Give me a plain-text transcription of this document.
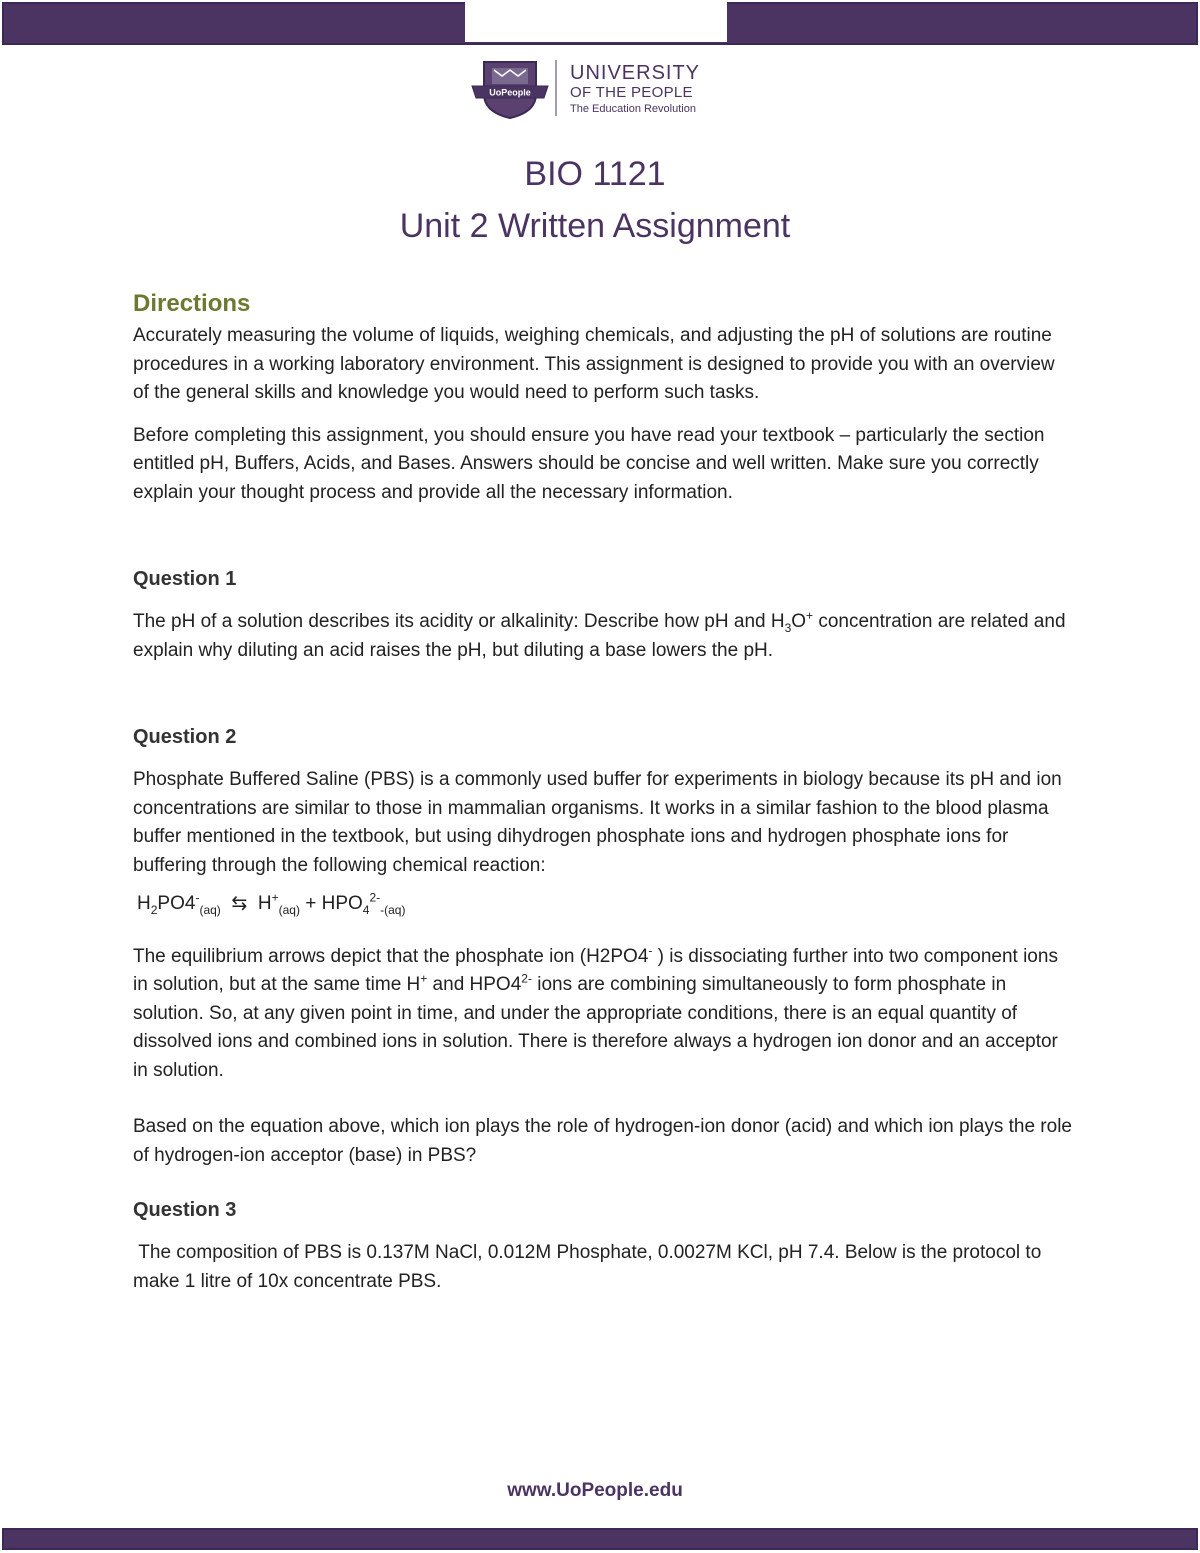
UoPeople
UNIVERSITY
OF THE PEOPLE
The Education Revolution
BIO 1121
Unit 2 Written Assignment
Directions

Accurately measuring the volume of liquids, weighing chemicals, and adjusting the pH of solutions are routine procedures in a working laboratory environment. This assignment is designed to provide you with an overview of the general skills and knowledge you would need to perform such tasks.

Before completing this assignment, you should ensure you have read your textbook – particularly the section entitled pH, Buffers, Acids, and Bases. Answers should be concise and well written. Make sure you correctly explain your thought process and provide all the necessary information.

Question 1

The pH of a solution describes its acidity or alkalinity: Describe how pH and $H_3O^+$ concentration are related and explain why diluting an acid raises the pH, but diluting a base lowers the pH.

Question 2

Phosphate Buffered Saline (PBS) is a commonly used buffer for experiments in biology because its pH and ion concentrations are similar to those in mammalian organisms. It works in a similar fashion to the blood plasma buffer mentioned in the textbook, but using dihydrogen phosphate ions and hydrogen phosphate ions for buffering through the following chemical reaction:

$H_2PO4^-_{(aq)}$ ⇆ $H^+_{(aq)} + HPO_4^{2-}_{-(aq)}$

The equilibrium arrows depict that the phosphate ion (H2PO4- ) is dissociating further into two component ions in solution, but at the same time H+ and $HPO4^{2-}$ ions are combining simultaneously to form phosphate in solution. So, at any given point in time, and under the appropriate conditions, there is an equal quantity of dissolved ions and combined ions in solution. There is therefore always a hydrogen ion donor and an acceptor in solution.

Based on the equation above, which ion plays the role of hydrogen-ion donor (acid) and which ion plays the role of hydrogen-ion acceptor (base) in PBS?

Question 3

The composition of PBS is 0.137M NaCl, 0.012M Phosphate, 0.0027M KCl, pH 7.4. Below is the protocol to make 1 litre of 10x concentrate PBS.

www.UoPeople.edu
